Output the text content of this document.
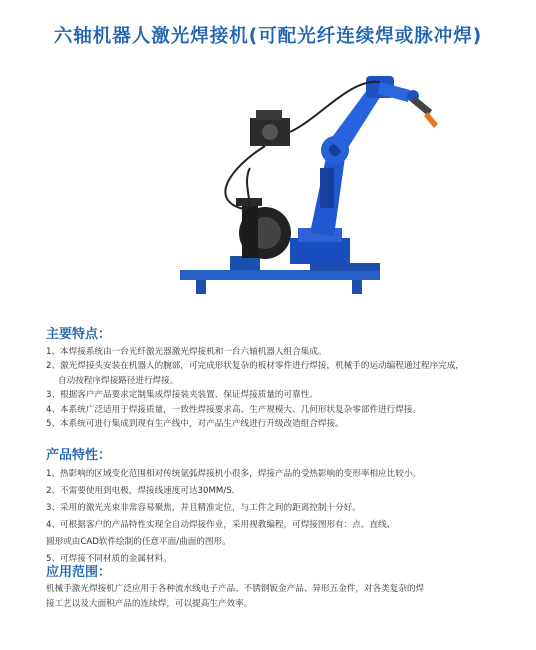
六轴机器人激光焊接机(可配光纤连续焊或脉冲焊)
主要特点：
1、本焊接系统由一台光纤激光器激光焊接机和一台六轴机器人组合集成。
2、激光焊接头安装在机器人的腕部，可完成形状复杂的板材零件进行焊接，机械手的运动编程通过程序完成，
自动按程序焊接路径进行焊接。
3、根据客户产品要求定制集成焊接装夹装置、保证焊接质量的可靠性。
4、本系统广泛适用于焊接质量，一致性焊接要求高、生产规模大、几何形状复杂零部件进行焊接。
5、本系统可进行集成到现有生产线中，对产品生产线进行升级改造组合焊接。
产品特性：
1、热影响的区域变化范围相对传统氩弧焊接机小很多，焊接产品的受热影响的变形率相应比较小。
2、不需要使用到电极，焊接线速度可达30MM/S.
3、采用的激光光束非常容易聚焦，并且精准定位，与工件之间的距离控制十分好。
4、可根据客户的产品特性实现全自动焊接作业，采用视教编程，可焊接图形有：点、直线、
圆形或由CAD软件绘制的任意平面/曲面的图形。
5、可焊接不同材质的金属材料。
应用范围：
机械手激光焊接机广泛应用于各种流水线电子产品、不锈钢钣金产品、异形五金件，对各类复杂的焊
接工艺以及大面积产品的连续焊，可以提高生产效率。
